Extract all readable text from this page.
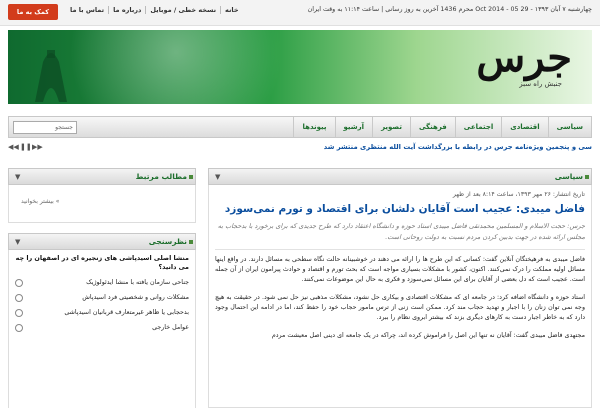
کمک به ما	خانه
نسخه خطی / موبایل
درباره ما
تماس با ما	چهارشنبه ۷ آبان ۱۳۹۳ - 29 Oct 2014 - 05 محرم 1436 آخرین به روز رسانی | ساعت ۱۱:۱۴ به وقت ایران
جرس
جنبش راه سبز
سیاسی
اقتصادی
اجتماعی
فرهنگی
تصویر
آرشیو
پیوندها
جستجو
◀◀ ❚❚ ▶▶	سی و پنجمین ویژه‌نامه جرس در رابطه با بزرگداشت آیت الله منتظری منتشر شد
مطالب مرتبط
▼
» بیشتر بخوانید
نظرسنجی
▼
منشا اصلی اسیدپاشی های زنجیره ای در اصفهان را چه می دانید؟
جناحی سازمان یافته با منشا ایدئولوژیک
مشکلات روانی و شخصیتی فرد اسیدپاش
بدحجابی یا ظاهر غیرمتعارف قربانیان اسیدپاشی
عوامل خارجی
سیاسی
▼
تاریخ انتشار: ۲۶ مهر ۱۳۹۳، ساعت ۸:۱۴ بعد از ظهر
فاضل میبدی: عجیب است آقایان دلشان برای اقتصاد و تورم نمی‌سوزد
جرس: حجت الاسلام و المسلمین محمدتقی فاضل میبدی استاد حوزه و دانشگاه اعتقاد دارد که طرح جدیدی که برای برخورد با بدحجاب به مجلس ارائه شده در جهت بدبین کردن مردم نسبت به دولت روحانی است.
فاضل میبدی به فرهیختگان آنلاین گفت: کسانی که این طرح ها را ارائه می دهند در خوشبینانه حالت نگاه سطحی به مسائل دارند. در واقع اینها مسائل اولیه مملکت را درک نمی‌کنند. اکنون، کشور با مشکلات بسیاری مواجه است که بحث تورم و اقتصاد و حوادث پیرامون ایران از آن جمله است. عجیب است که دل بعضی از آقایان برای این مسائل نمی‌سوزد و فکری به حال این موضوعات نمی‌کنند.
استاد حوزه و دانشگاه اضافه کرد: در جامعه ای که مشکلات اقتصادی و بیکاری حل نشود، مشکلات مذهبی نیز حل نمی شود. در حقیقت به هیچ وجه نمی توان زنان را با اجبار و تهدید حجاب مند کرد. ممکن است زنی از ترس مامور حجاب خود را حفظ کند، اما در ادامه این احتمال وجود دارد که به خاطر اجبار دست به کارهای دیگری بزند که بیشتر ابروی نظام را ببرد.
مجتهدی فاضل میبدی گفت: آقایان نه تنها این اصل را فراموش کرده اند، چراکه در یک جامعه ای دینی اصل معیشت مردم
